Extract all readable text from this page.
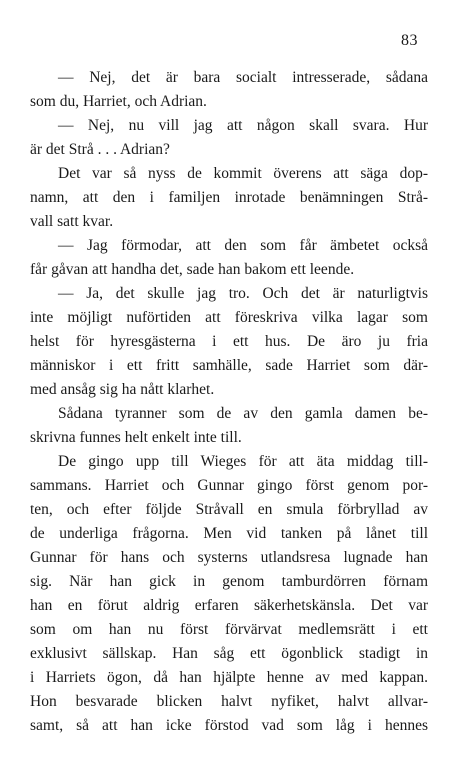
83
— Nej, det är bara socialt intresserade, sådana
som du, Harriet, och Adrian.
— Nej, nu vill jag att någon skall svara. Hur
är det Strå . . . Adrian?
Det var så nyss de kommit överens att säga dop-
namn, att den i familjen inrotade benämningen Strå-
vall satt kvar.
— Jag förmodar, att den som får ämbetet också
får gåvan att handha det, sade han bakom ett leende.
— Ja, det skulle jag tro. Och det är naturligtvis
inte möjligt nuförtiden att föreskriva vilka lagar som
helst för hyresgästerna i ett hus. De äro ju fria
människor i ett fritt samhälle, sade Harriet som där-
med ansåg sig ha nått klarhet.
Sådana tyranner som de av den gamla damen be-
skrivna funnes helt enkelt inte till.
De gingo upp till Wieges för att äta middag till-
sammans. Harriet och Gunnar gingo först genom por-
ten, och efter följde Stråvall en smula förbryllad av
de underliga frågorna. Men vid tanken på lånet till
Gunnar för hans och systerns utlandsresa lugnade han
sig. När han gick in genom tamburdörren förnam
han en förut aldrig erfaren säkerhetskänsla. Det var
som om han nu först förvärvat medlemsrätt i ett
exklusivt sällskap. Han såg ett ögonblick stadigt in
i Harriets ögon, då han hjälpte henne av med kappan.
Hon besvarade blicken halvt nyfiket, halvt allvar-
samt, så att han icke förstod vad som låg i hennes
